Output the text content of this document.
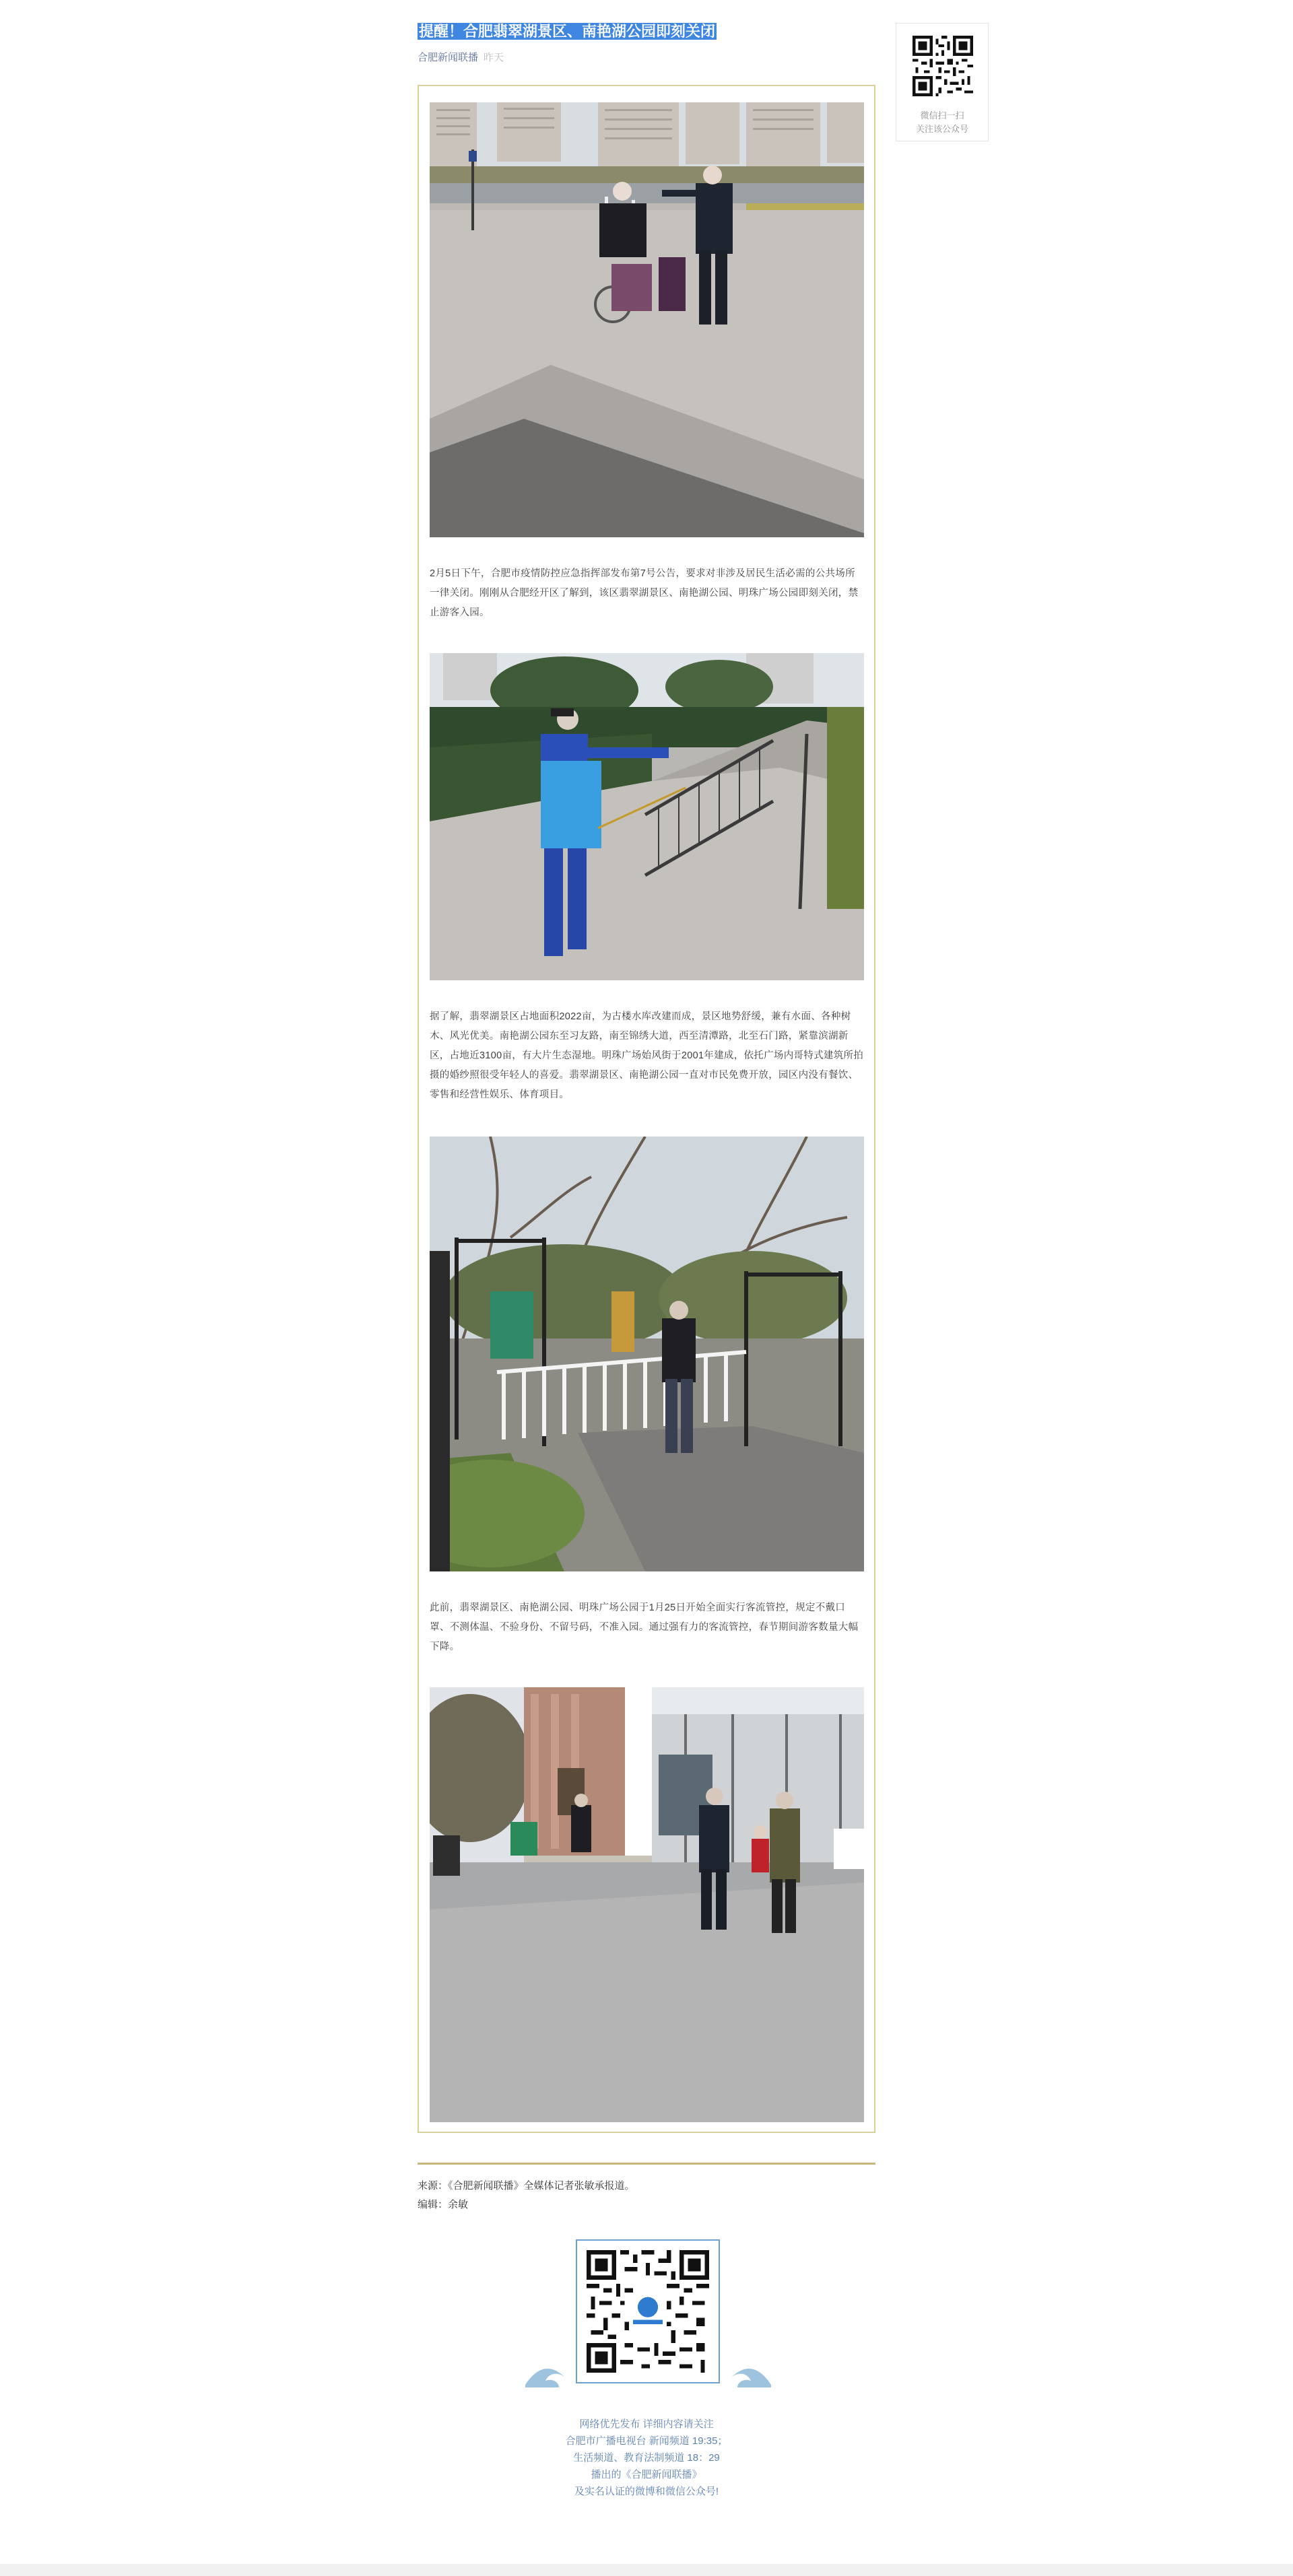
提醒！合肥翡翠湖景区、南艳湖公园即刻关闭
合肥新闻联播 昨天
微信扫一扫
关注该公众号
2月5日下午，合肥市疫情防控应急指挥部发布第7号公告，要求对非涉及居民生活必需的公共场所一律关闭。刚刚从合肥经开区了解到，该区翡翠湖景区、南艳湖公园、明珠广场公园即刻关闭，禁止游客入园。
据了解，翡翠湖景区占地面积2022亩，为古楼水库改建而成，景区地势舒缓，兼有水面、各种树木、风光优美。南艳湖公园东至习友路，南至锦绣大道，西至清潭路，北至石门路，紧靠滨湖新区，占地近3100亩，有大片生态湿地。明珠广场始风街于2001年建成，依托广场内哥特式建筑所拍摄的婚纱照很受年轻人的喜爱。翡翠湖景区、南艳湖公园一直对市民免费开放，园区内没有餐饮、零售和经营性娱乐、体育项目。
此前，翡翠湖景区、南艳湖公园、明珠广场公园于1月25日开始全面实行客流管控，规定不戴口罩、不测体温、不验身份、不留号码，不准入园。通过强有力的客流管控，春节期间游客数量大幅下降。
来源：《合肥新闻联播》全媒体记者张敏承报道。
编辑：余敏
网络优先发布 详细内容请关注
合肥市广播电视台 新闻频道 19:35；
生活频道、教育法制频道 18：29
播出的《合肥新闻联播》
及实名认证的微博和微信公众号!
